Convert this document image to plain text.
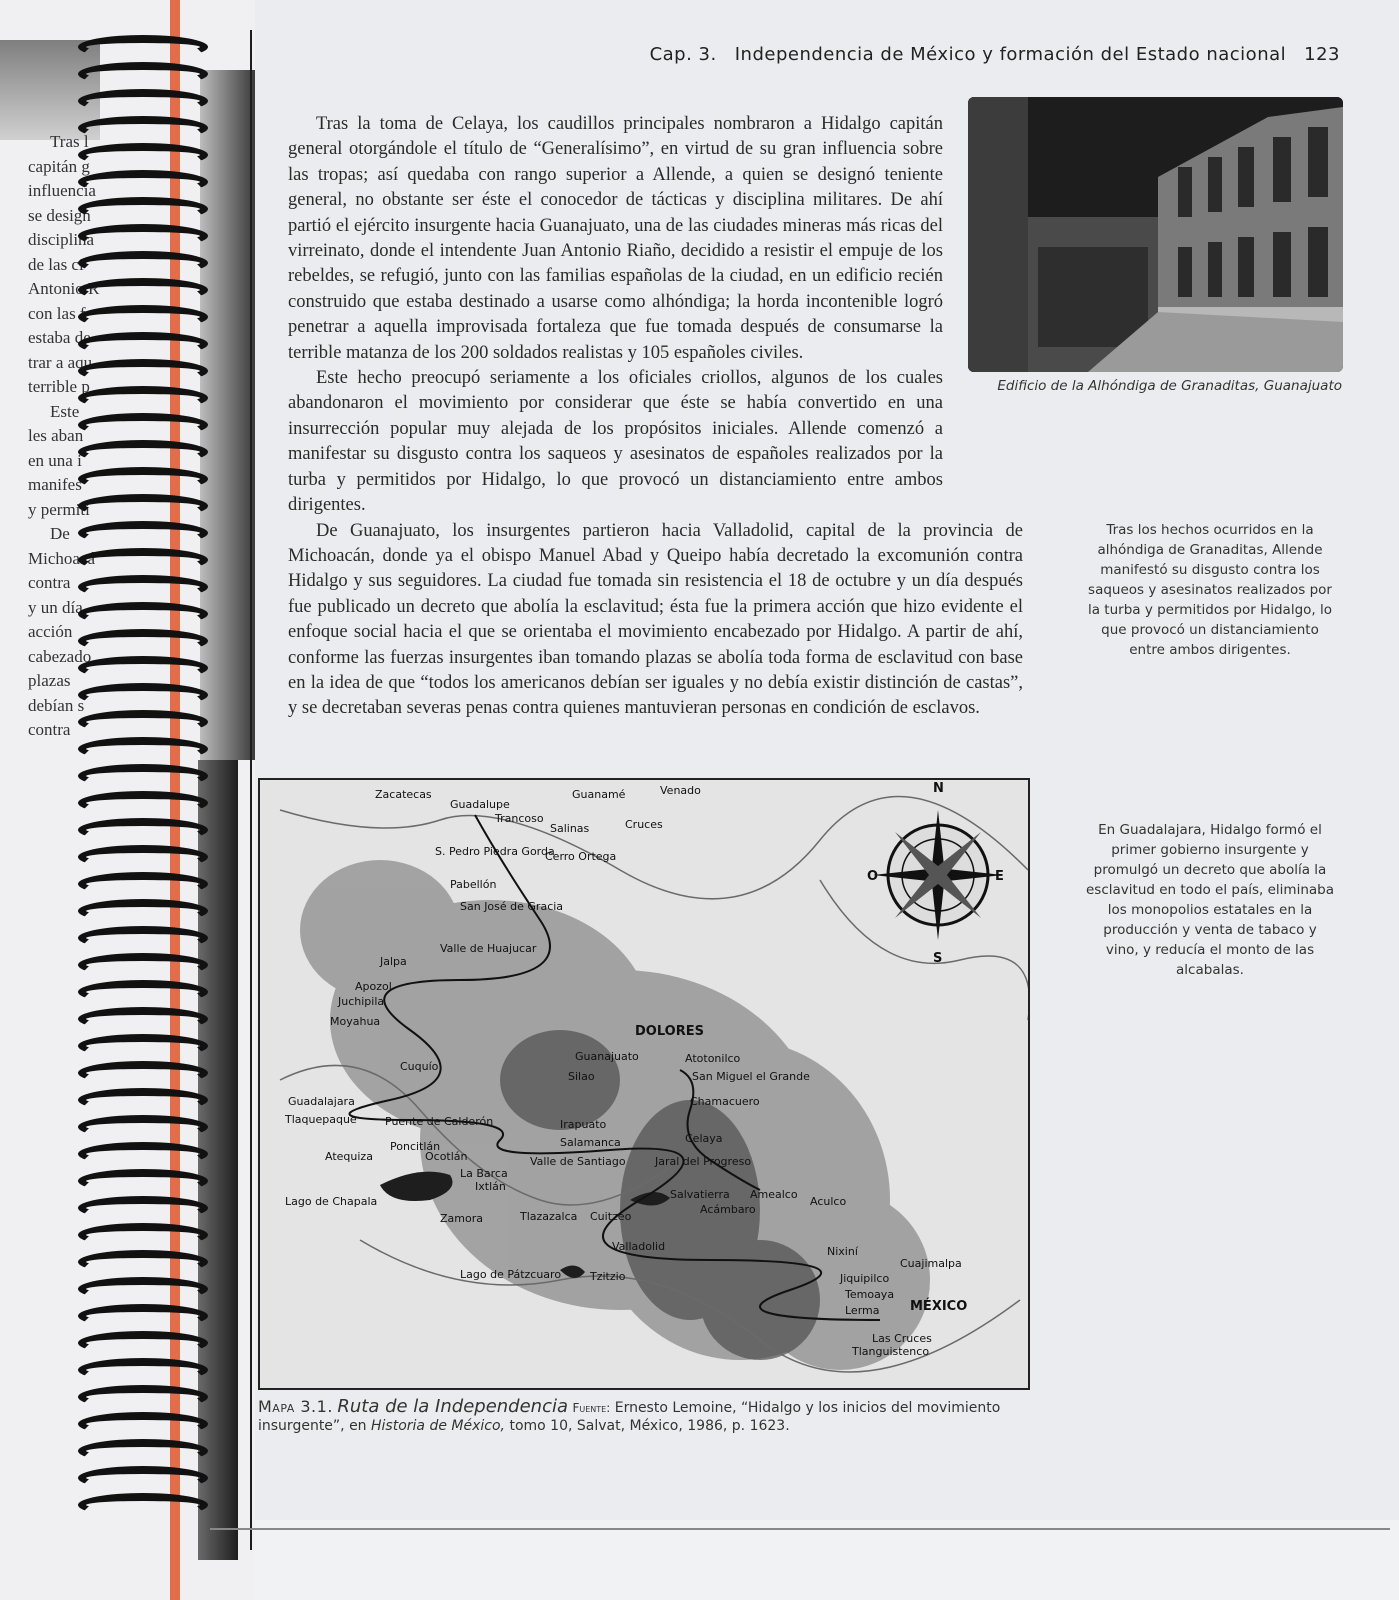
Tras l
capitán g
influencia
se design
disciplina
de las ci
Antonio R
con las f
estaba de
trar a aqu
terrible p
Este
les aban
en una i
manifes
y permiti
De
Michoacá
contra
y un día
acción
cabezado
plazas
debían s
contra
Cap. 3. Independencia de México y formación del Estado nacional 123

Tras la toma de Celaya, los caudillos principales nombraron a Hidalgo capitán general otorgándole el título de “Generalísimo”, en virtud de su gran influencia sobre las tropas; así quedaba con rango superior a Allende, a quien se designó teniente general, no obstante ser éste el conocedor de tácticas y disciplina militares. De ahí partió el ejército insurgente hacia Guanajuato, una de las ciudades mineras más ricas del virreinato, donde el intendente Juan Antonio Riaño, decidido a resistir el empuje de los rebeldes, se refugió, junto con las familias españolas de la ciudad, en un edificio recién construido que estaba destinado a usarse como alhóndiga; la horda incontenible logró penetrar a aquella improvisada fortaleza que fue tomada después de consumarse la terrible matanza de los 200 soldados realistas y 105 españoles civiles.

Este hecho preocupó seriamente a los oficiales criollos, algunos de los cuales abandonaron el movimiento por considerar que éste se había convertido en una insurrección popular muy alejada de los propósitos iniciales. Allende comenzó a manifestar su disgusto contra los saqueos y asesinatos de españoles realizados por la turba y permitidos por Hidalgo, lo que provocó un distanciamiento entre ambos dirigentes.

De Guanajuato, los insurgentes partieron hacia Valladolid, capital de la provincia de Michoacán, donde ya el obispo Manuel Abad y Queipo había decretado la excomunión contra Hidalgo y sus seguidores. La ciudad fue tomada sin resistencia el 18 de octubre y un día después fue publicado un decreto que abolía la esclavitud; ésta fue la primera acción que hizo evidente el enfoque social hacia el que se orientaba el movimiento encabezado por Hidalgo. A partir de ahí, conforme las fuerzas insurgentes iban tomando plazas se abolía toda forma de esclavitud con base en la idea de que “todos los americanos debían ser iguales y no debía existir distinción de castas”, y se decretaban severas penas contra quienes mantuvieran personas en condición de esclavos.

Edificio de la Alhóndiga de Granaditas, Guanajuato
Tras los hechos ocurridos en la alhóndiga de Granaditas, Allende manifestó su disgusto contra los saqueos y asesinatos realizados por la turba y permitidos por Hidalgo, lo que provocó un distanciamiento entre ambos dirigentes.
En Guadalajara, Hidalgo formó el primer gobierno insurgente y promulgó un decreto que abolía la esclavitud en todo el país, eliminaba los monopolios estatales en la producción y venta de tabaco y vino, y reducía el monto de las alcabalas.
N
S
E
O
Zacatecas
Guadalupe
Trancoso
Guanamé	Venado
Salinas	Cruces
S. Pedro Piedra Gorda
Cerro Ortega
Pabellón
San José de Gracia
Valle de Huajucar
Jalpa
Apozol
Juchipila
Moyahua
DOLORES
Guanajuato	Atotonilco
Silao	San Miguel el Grande
Cuquío
Chamacuero
Guadalajara
Tlaquepaque	Puente de Calderón	Irapuato
Celaya
Salamanca
Poncitlán
Atequiza	Ocotlán	Valle de Santiago	Jaral del Progreso
La Barca
Ixtlán
Salvatierra Amealco
Aculco
Lago de Chapala
Acámbaro
Zamora	Tlazazalca Cuitzeo
Valladolid	Nixiní
Cuajimalpa
Lago de Pátzcuaro	Tzitzio	Jiquipilco
Temoaya
Lerma MÉXICO
Las Cruces
Tlanguistenco
Mapa 3.1. Ruta de la Independencia Fuente: Ernesto Lemoine, “Hidalgo y los inicios del movimiento insurgente”, en Historia de México, tomo 10, Salvat, México, 1986, p. 1623.
